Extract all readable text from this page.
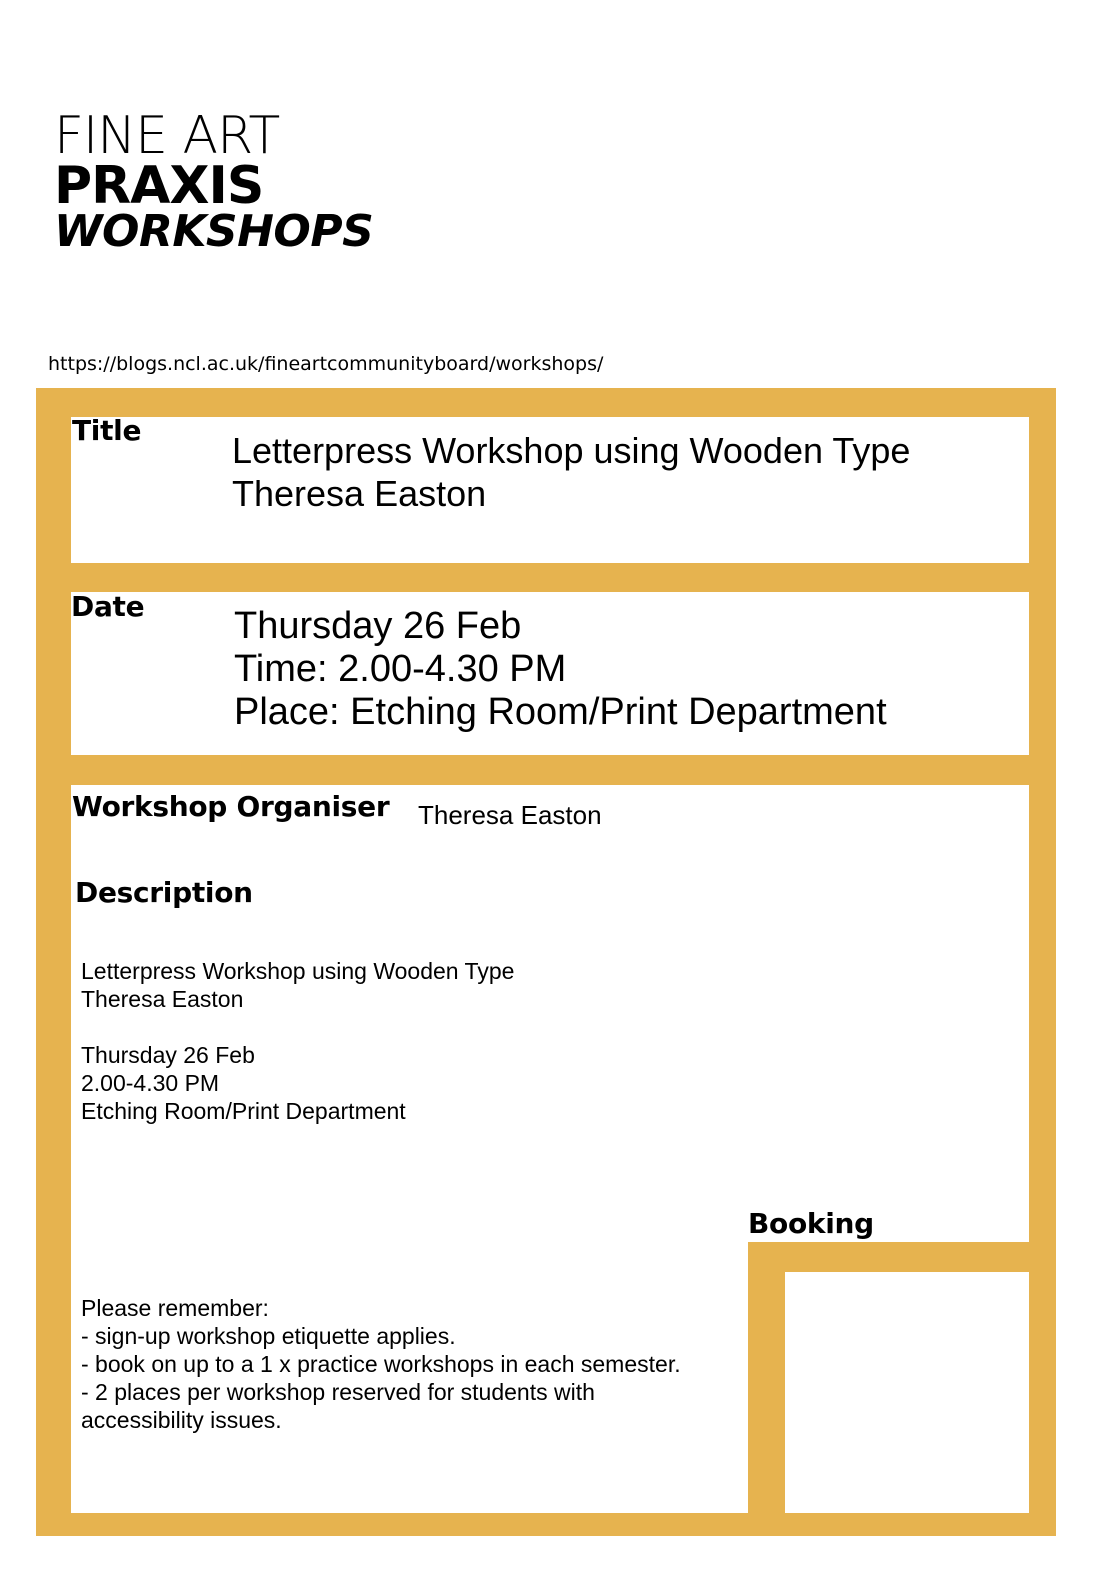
FINE ART
PRAXIS
WORKSHOPS
https://blogs.ncl.ac.uk/fineartcommunityboard/workshops/
Title	Letterpress Workshop using Wooden Type
Theresa Easton
Date Thursday 26 Feb
Time: 2.00-4.30 PM
Place: Etching Room/Print Department
Workshop Organiser Theresa Easton
Description
Letterpress Workshop using Wooden Type
Theresa Easton
Thursday 26 Feb
2.00-4.30 PM
Etching Room/Print Department
Please remember:
- sign-up workshop etiquette applies.
- book on up to a 1 x practice workshops in each semester.
- 2 places per workshop reserved for students with
accessibility issues.
Booking
